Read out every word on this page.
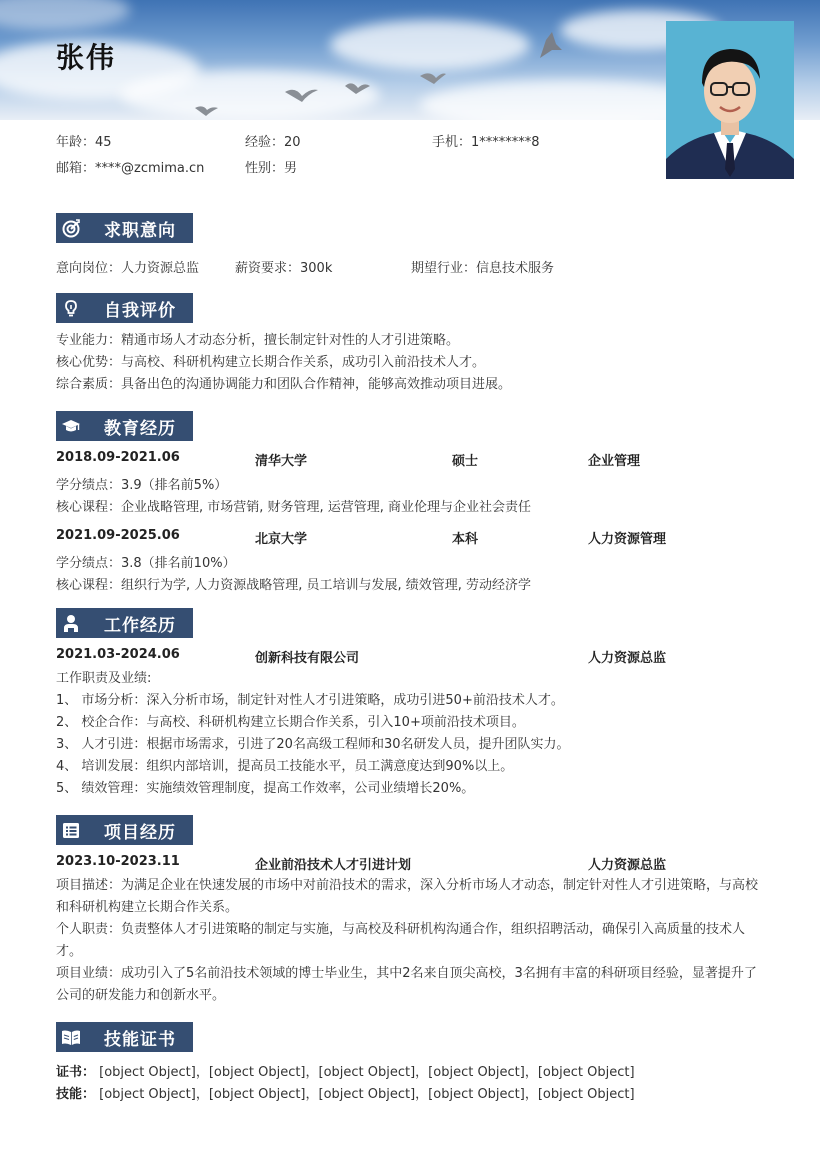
张伟
年龄：45	经验：20	手机：1********8
邮箱：****@zcmima.cn	性别：男
求职意向
意向岗位：人力资源总监	薪资要求：300k	期望行业：信息技术服务
自我评价
专业能力：精通市场人才动态分析，擅长制定针对性的人才引进策略。
核心优势：与高校、科研机构建立长期合作关系，成功引入前沿技术人才。
综合素质：具备出色的沟通协调能力和团队合作精神，能够高效推动项目进展。
教育经历
2018.09-2021.06	清华大学	硕士	企业管理
学分绩点：3.9（排名前5%）
核心课程：企业战略管理, 市场营销, 财务管理, 运营管理, 商业伦理与企业社会责任
2021.09-2025.06	北京大学	本科	人力资源管理
学分绩点：3.8（排名前10%）
核心课程：组织行为学, 人力资源战略管理, 员工培训与发展, 绩效管理, 劳动经济学
工作经历
2021.03-2024.06	创新科技有限公司	人力资源总监
工作职责及业绩:
1、 市场分析：深入分析市场，制定针对性人才引进策略，成功引进50+前沿技术人才。
2、 校企合作：与高校、科研机构建立长期合作关系，引入10+项前沿技术项目。
3、 人才引进：根据市场需求，引进了20名高级工程师和30名研发人员，提升团队实力。
4、 培训发展：组织内部培训，提高员工技能水平，员工满意度达到90%以上。
5、 绩效管理：实施绩效管理制度，提高工作效率，公司业绩增长20%。
项目经历
2023.10-2023.11	企业前沿技术人才引进计划	人力资源总监
项目描述：为满足企业在快速发展的市场中对前沿技术的需求，深入分析市场人才动态，制定针对性人才引进策略，与高校和科研机构建立长期合作关系。
个人职责：负责整体人才引进策略的制定与实施，与高校及科研机构沟通合作，组织招聘活动，确保引入高质量的技术人才。
项目业绩：成功引入了5名前沿技术领域的博士毕业生，其中2名来自顶尖高校，3名拥有丰富的科研项目经验，显著提升了公司的研发能力和创新水平。
技能证书
证书： [object Object]，[object Object]，[object Object]，[object Object]，[object Object]
技能： [object Object]，[object Object]，[object Object]，[object Object]，[object Object]
